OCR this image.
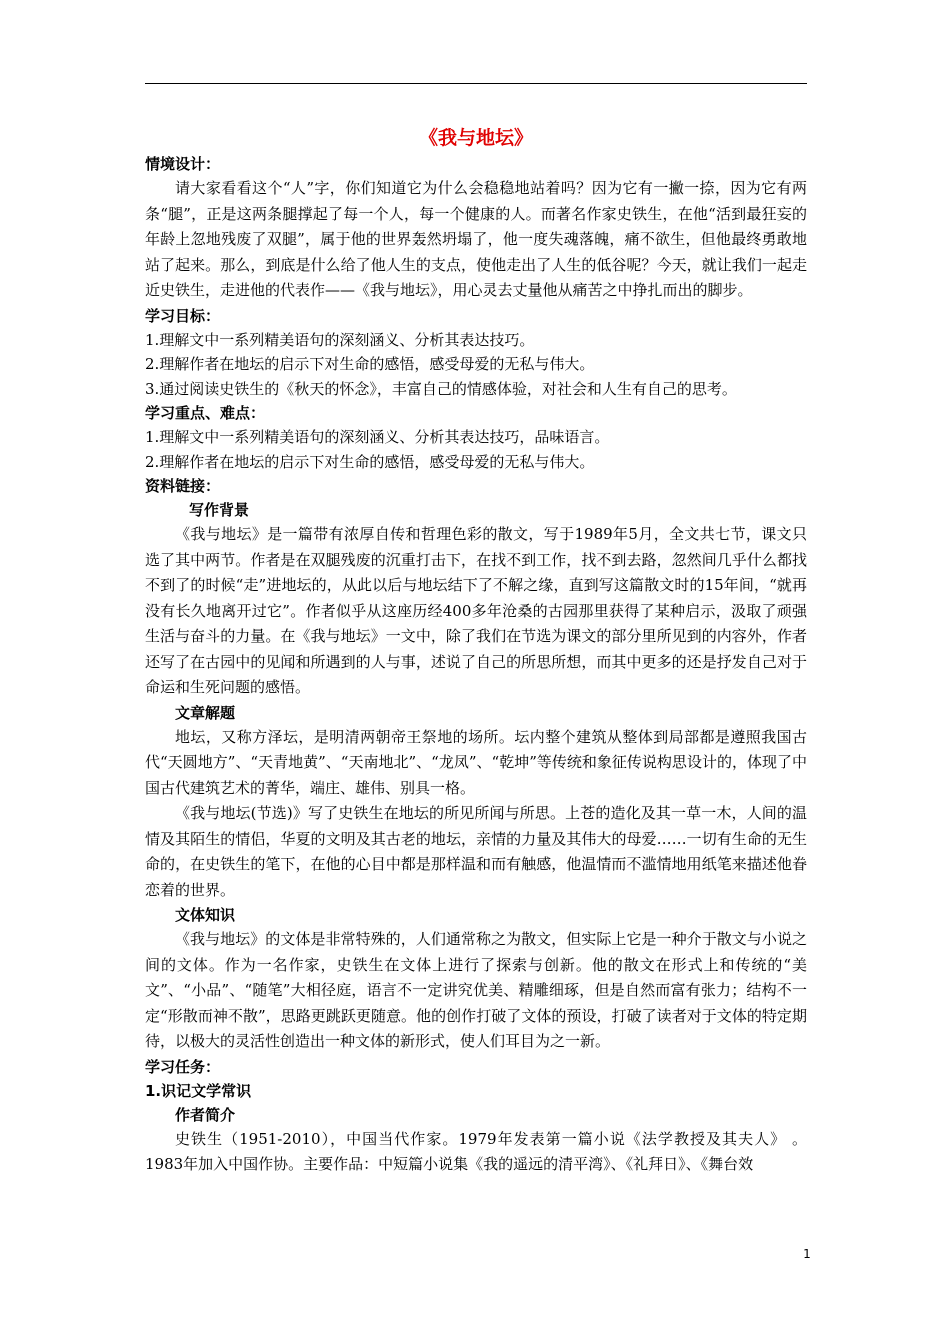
《我与地坛》
情境设计：

请大家看看这个“人”字，你们知道它为什么会稳稳地站着吗？因为它有一撇一捺，因为它有两条“腿”，正是这两条腿撑起了每一个人，每一个健康的人。而著名作家史铁生，在他“活到最狂妄的年龄上忽地残废了双腿”，属于他的世界轰然坍塌了，他一度失魂落魄，痛不欲生，但他最终勇敢地站了起来。那么，到底是什么给了他人生的支点，使他走出了人生的低谷呢？今天，就让我们一起走近史铁生，走进他的代表作——《我与地坛》，用心灵去丈量他从痛苦之中挣扎而出的脚步。

学习目标：

1.理解文中一系列精美语句的深刻涵义、分析其表达技巧。

2.理解作者在地坛的启示下对生命的感悟，感受母爱的无私与伟大。

3.通过阅读史铁生的《秋天的怀念》，丰富自己的情感体验，对社会和人生有自己的思考。

学习重点、难点：

1.理解文中一系列精美语句的深刻涵义、分析其表达技巧，品味语言。

2.理解作者在地坛的启示下对生命的感悟，感受母爱的无私与伟大。

资料链接：
写作背景

《我与地坛》是一篇带有浓厚自传和哲理色彩的散文，写于1989年5月，全文共七节，课文只选了其中两节。作者是在双腿残废的沉重打击下，在找不到工作，找不到去路，忽然间几乎什么都找不到了的时候“走”进地坛的，从此以后与地坛结下了不解之缘，直到写这篇散文时的15年间，“就再没有长久地离开过它”。作者似乎从这座历经400多年沧桑的古园那里获得了某种启示，汲取了顽强生活与奋斗的力量。在《我与地坛》一文中，除了我们在节选为课文的部分里所见到的内容外，作者还写了在古园中的见闻和所遇到的人与事，述说了自己的所思所想，而其中更多的还是抒发自己对于命运和生死问题的感悟。

文章解题

地坛，又称方泽坛，是明清两朝帝王祭地的场所。坛内整个建筑从整体到局部都是遵照我国古代“天圆地方”、“天青地黄”、“天南地北”、“龙凤”、“乾坤”等传统和象征传说构思设计的，体现了中国古代建筑艺术的菁华，端庄、雄伟、别具一格。

《我与地坛(节选)》写了史铁生在地坛的所见所闻与所思。上苍的造化及其一草一木，人间的温情及其陌生的情侣，华夏的文明及其古老的地坛，亲情的力量及其伟大的母爱……一切有生命的无生命的，在史铁生的笔下，在他的心目中都是那样温和而有触感，他温情而不滥情地用纸笔来描述他眷恋着的世界。

文体知识

《我与地坛》的文体是非常特殊的，人们通常称之为散文，但实际上它是一种介于散文与小说之间的文体。作为一名作家，史铁生在文体上进行了探索与创新。他的散文在形式上和传统的“美文”、“小品”、“随笔”大相径庭，语言不一定讲究优美、精雕细琢，但是自然而富有张力；结构不一定“形散而神不散”，思路更跳跃更随意。他的创作打破了文体的预设，打破了读者对于文体的特定期待，以极大的灵活性创造出一种文体的新形式，使人们耳目为之一新。

学习任务：
1.识记文学常识
作者简介

史铁生（1951-2010），中国当代作家。1979年发表第一篇小说《法学教授及其夫人》 。1983年加入中国作协。主要作品：中短篇小说集《我的遥远的清平湾》、《礼拜日》、《舞台效

1
